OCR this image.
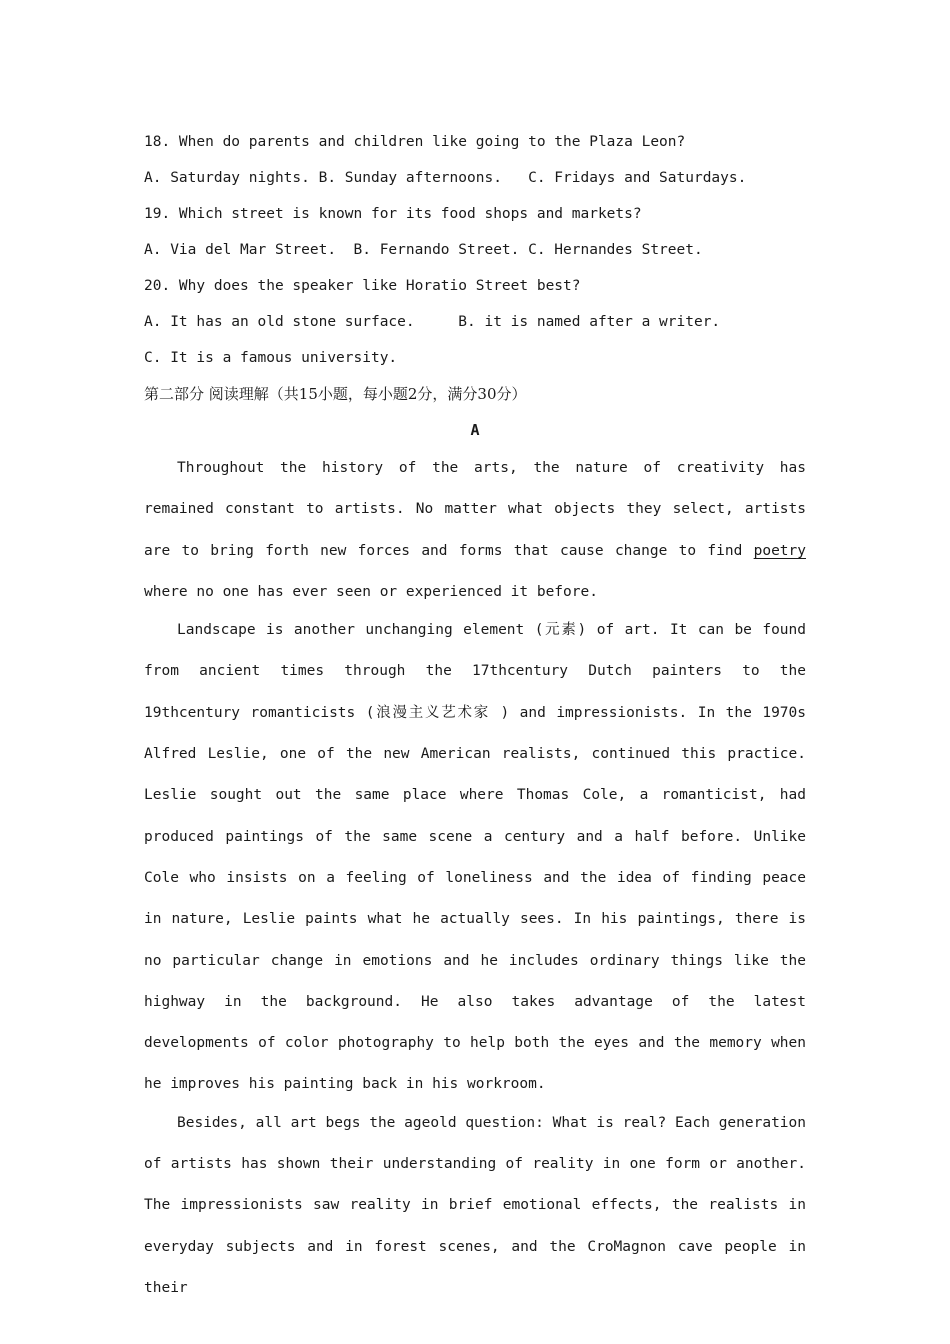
18. When do parents and children like going to the Plaza Leon?

A. Saturday nights. B. Sunday afternoons.   C. Fridays and Saturdays.

19. Which street is known for its food shops and markets?

A. Via del Mar Street.  B. Fernando Street. C. Hernandes Street.

20. Why does the speaker like Horatio Street best?

A. It has an old stone surface.     B. it is named after a writer.

C. It is a famous university.

第二部分 阅读理解（共15小题，每小题2分，满分30分）

A

Throughout the history of the arts, the nature of creativity has remained constant to artists. No matter what objects they select, artists are to bring forth new forces and forms that cause change to find poetry where no one has ever seen or experienced it before.

Landscape is another unchanging element (元素) of art. It can be found from ancient times through the 17thcentury Dutch painters to the 19thcentury romanticists (浪漫主义艺术家 ) and impressionists. In the 1970s Alfred Leslie, one of the new American realists, continued this practice. Leslie sought out the same place where Thomas Cole, a romanticist, had produced paintings of the same scene a century and a half before. Unlike Cole who insists on a feeling of loneliness and the idea of finding peace in nature, Leslie paints what he actually sees. In his paintings, there is no particular change in emotions and he includes ordinary things like the highway in the background. He also takes advantage of the latest developments of color photography to help both the eyes and the memory when he improves his painting back in his workroom.

Besides, all art begs the ageold question: What is real? Each generation of artists has shown their understanding of reality in one form or another. The impressionists saw reality in brief emotional effects, the realists in everyday subjects and in forest scenes, and the CroMagnon cave people in their
